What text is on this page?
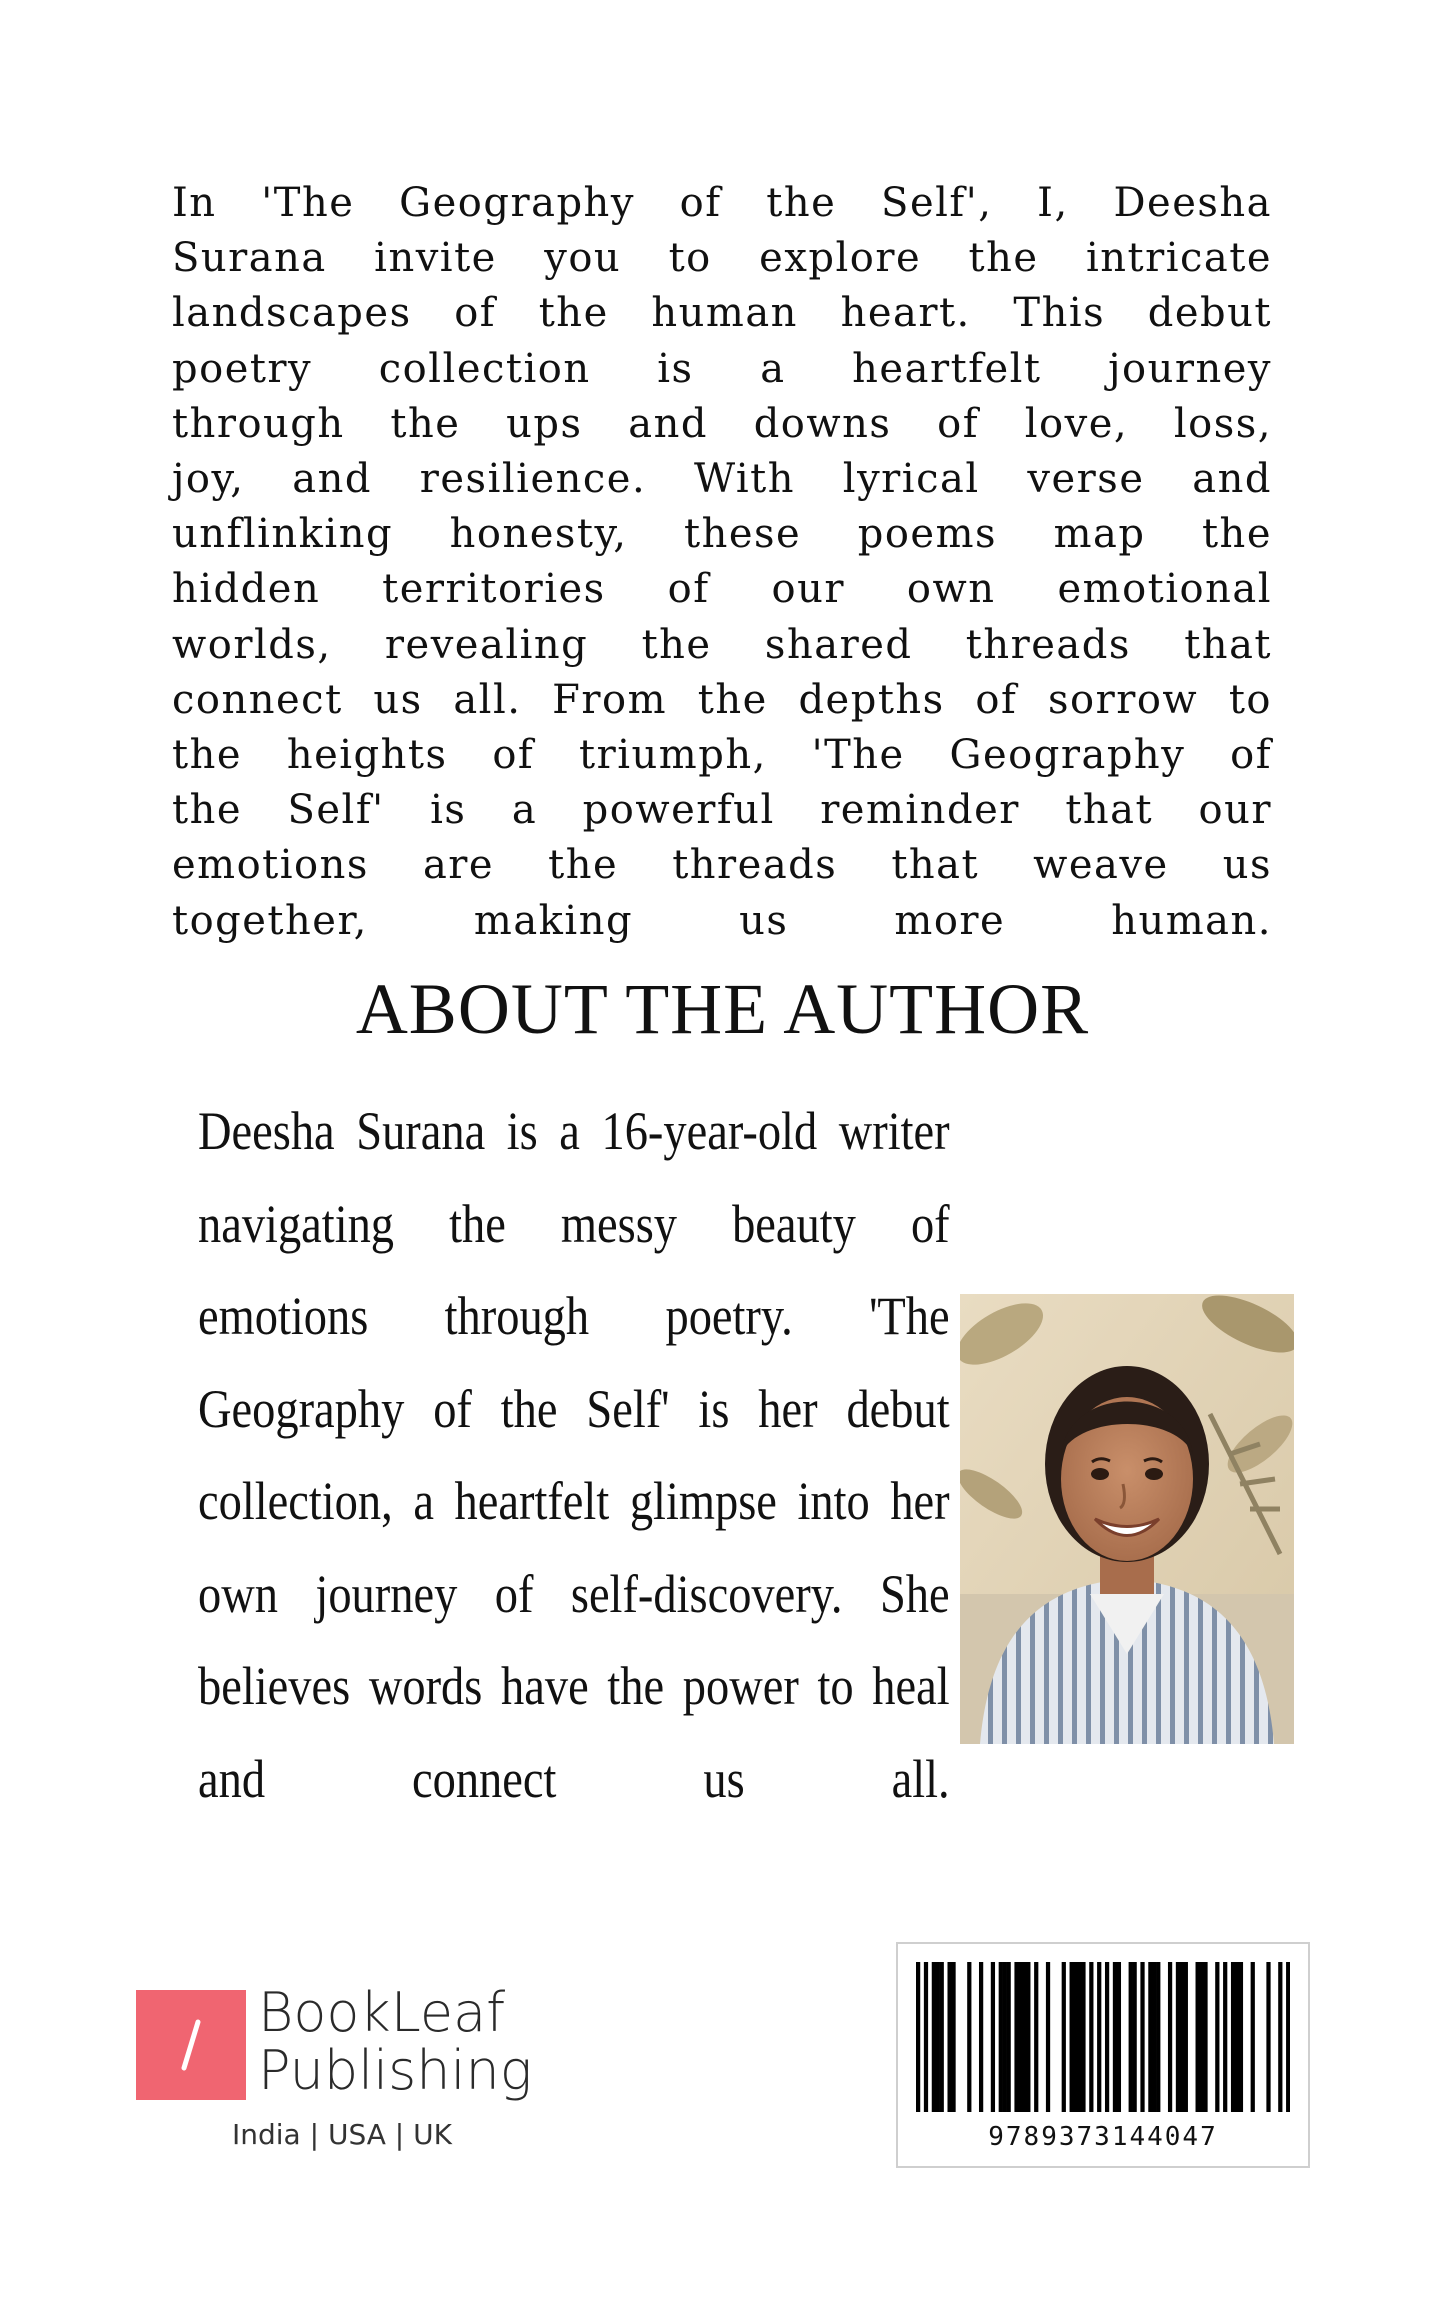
In 'The Geography of the Self', I, Deesha
Surana invite you to explore the intricate
landscapes of the human heart. This debut
poetry collection is a heartfelt journey
through the ups and downs of love, loss,
joy, and resilience. With lyrical verse and
unflinking honesty, these poems map the
hidden territories of our own emotional
worlds, revealing the shared threads that
connect us all. From the depths of sorrow to
the heights of triumph, 'The Geography of
the Self' is a powerful reminder that our
emotions are the threads that weave us
together, making us more human.
ABOUT THE AUTHOR
Deesha Surana is a 16-year-old writer
navigating the messy beauty of
emotions through poetry. 'The
Geography of the Self' is her debut
collection, a heartfelt glimpse into her
own journey of self-discovery. She
believes words have the power to heal
and connect us all.
BookLeaf
Publishing
India | USA | UK	9789373144047
